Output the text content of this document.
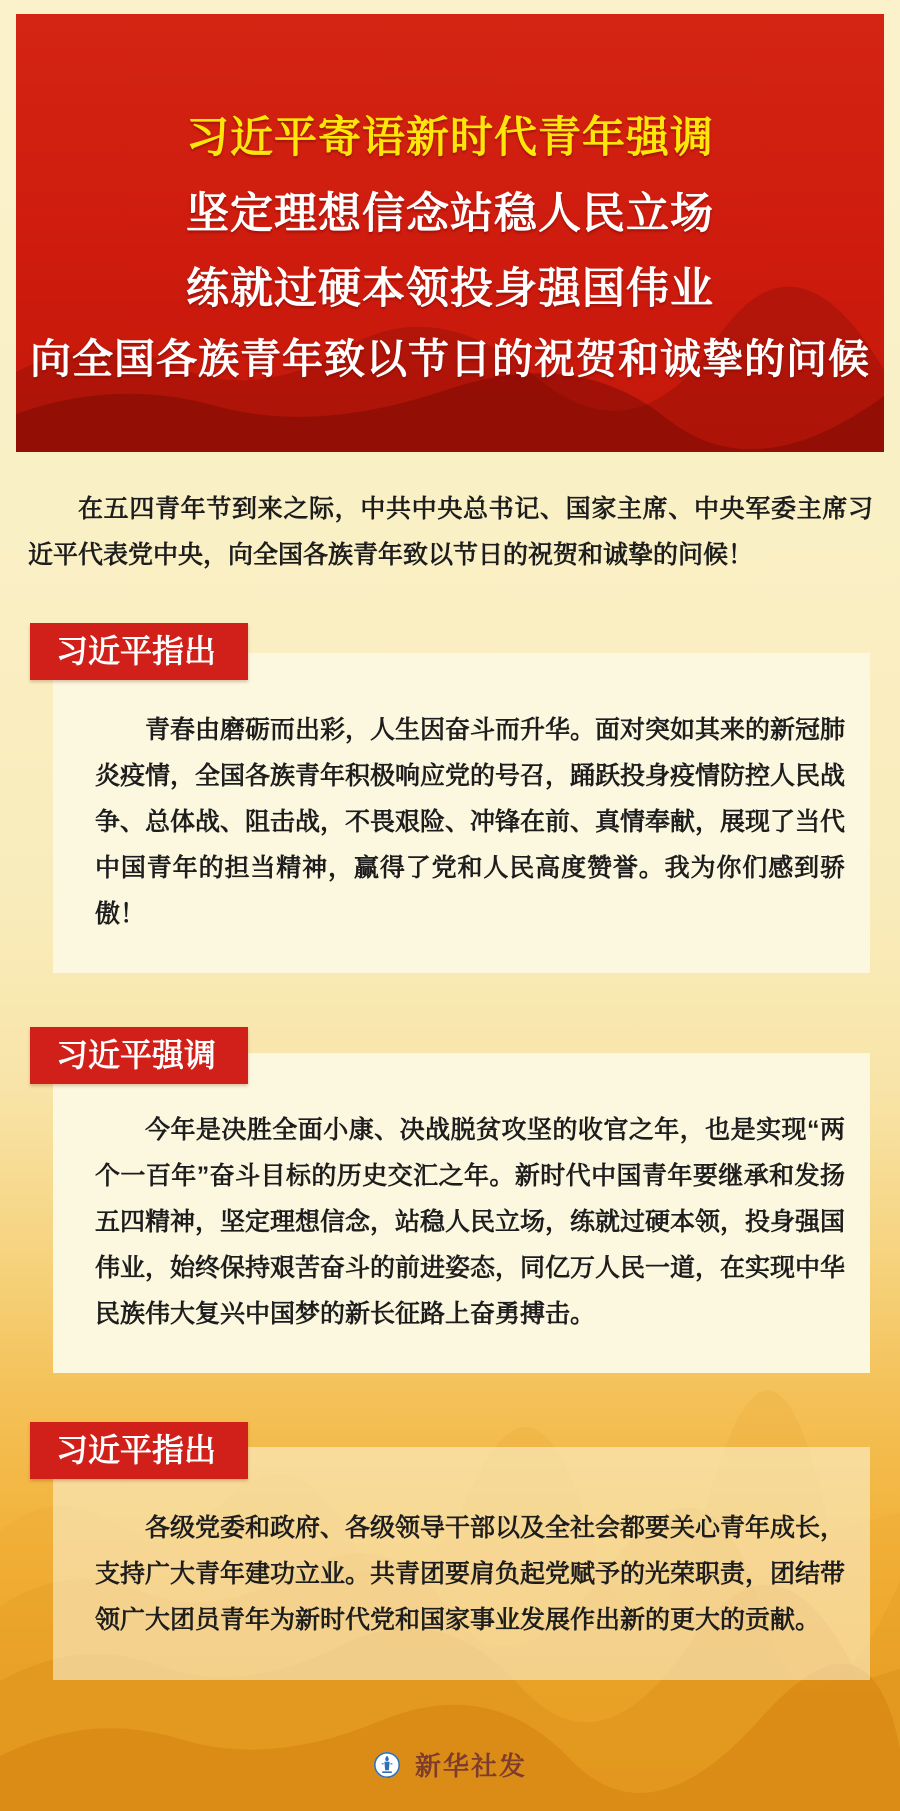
习近平寄语新时代青年强调
坚定理想信念站稳人民立场
练就过硬本领投身强国伟业
向全国各族青年致以节日的祝贺和诚挚的问候

在五四青年节到来之际，中共中央总书记、国家主席、中央军委主席习近平代表党中央，向全国各族青年致以节日的祝贺和诚挚的问候！

习近平指出

青春由磨砺而出彩，人生因奋斗而升华。面对突如其来的新冠肺炎疫情，全国各族青年积极响应党的号召，踊跃投身疫情防控人民战争、总体战、阻击战，不畏艰险、冲锋在前、真情奉献，展现了当代中国青年的担当精神，赢得了党和人民高度赞誉。我为你们感到骄傲！

习近平强调

今年是决胜全面小康、决战脱贫攻坚的收官之年，也是实现“两个一百年”奋斗目标的历史交汇之年。新时代中国青年要继承和发扬五四精神，坚定理想信念，站稳人民立场，练就过硬本领，投身强国伟业，始终保持艰苦奋斗的前进姿态，同亿万人民一道，在实现中华民族伟大复兴中国梦的新长征路上奋勇搏击。

习近平指出

各级党委和政府、各级领导干部以及全社会都要关心青年成长，支持广大青年建功立业。共青团要肩负起党赋予的光荣职责，团结带领广大团员青年为新时代党和国家事业发展作出新的更大的贡献。

新华社发
